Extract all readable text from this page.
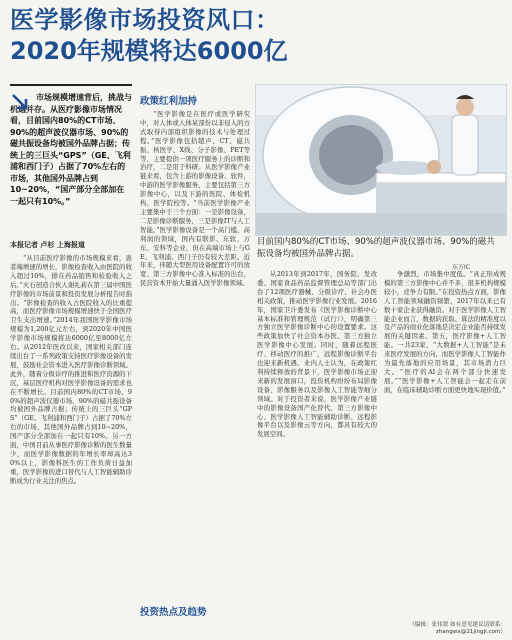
医学影像市场投资风口：
2020年规模将达6000亿
市场规模增速背后，挑战与机遇并存。从医疗影像市场情况看，目前国内80%的CT市场、90%的超声波仪器市场、90%的磁共振设备均被国外品牌占据；传统上的三巨头“GPS”（GE、飞利浦和西门子）占据了70%左右的市场，其他国外品牌占到10~20%，“国产部分全部加在一起只有10%。”
本报记者 卢杉 上海报道
政策红利加持
“从目前医疗影像的市场规模来看，患者端增速的增长，影像检查收入由医院的收入超过10%，排在药品销售和检验收入之后。”火石创造合伙人谢礼莉在第三届中国医疗影像的市场前景和投资发展分析报告时指出。“影像检查的收入占医院收入的比重提高，而医疗影像市场规模增速快于全国医疗卫生支出增速。”2014年我国医学影像市场规模为1,200亿元左右，到2020年中国医学影像市场规模将达6000亿至8000亿左右。从2012年医改以来，国家相关部门连续出台了一系列政策支持医疗影像设备的发展，鼓励社会资本进入医疗影像诊断领域。此外，随着分级诊疗的推进和医疗资源的下沉，基层医疗机构对医学影像设备的需求也在不断增长。目前国内80%的CT市场、90%的超声波仪器市场、90%的磁共振设备均被国外品牌占据；传统上的三巨头“GPS”（GE、飞利浦和西门子）占据了70%左右的市场，其他国外品牌占到10~20%，国产部分全部加在一起只有10%。另一方面，中国目前从事医疗影像诊断的医生数量少，而医学影像数据的年增长率却高达30%以上，影像科医生的工作负荷日益加重，医学影像的进口替代与人工智能辅助诊断成为行业关注的焦点。
“医学影像是在医疗或医学研究中，对人体或人体某部份以非侵入的方式取得内部组织影像的技术与处理过程。”医学影像包括超声、CT、磁共振、核医学、X线、分子影像、PET等等，主要提供一项医疗服务上的诊断和治疗，二是用于科研。从医学影像产业链来看，包含上游的影像设备、软件，中游的医学影像服务，主要包括第三方影像中心，以及下游的医院、体检机构、医学院校等。“当前医学影像产业主要集中于三个方面：一是影像设备，二是影像诊断服务，三是影像IT与人工智能。”医学影像设备是一个高门槛、高利润的领域，国内有联影、东软、万东、安科等企业，但在高端市场上与GE、飞利浦、西门子仍有较大差距。近年来，伴随大型医用设备配置许可的放宽、第三方影像中心准入标准的出台，民营资本开始大量涌入医学影像领域。
投资热点及趋势
目前国内80%的CT市场、90%的超声波仪器市场、90%的磁共振设备均被国外品牌占据。
东方IC
从2013年到2017年，国务院、发改委、国家食品药品监督管理总局等部门出台了12项医疗器械、分级诊疗、社会办医相关政策，推动医学影像行业发展。2016年，国家卫计委发布《医学影像诊断中心基本标准和管理规范（试行）》，明确第三方独立医学影像诊断中心的设置要求。这些政策加快了社会资本办医、第三方独立医学影像中心发展。同时，随着远程医疗、移动医疗的推广，远程影像诊断平台也迎来新机遇。业内人士认为，在政策红利持续释放的背景下，医学影像市场正迎来新的发展窗口，投资机构纷纷布局影像设备、影像服务以及影像人工智能等细分领域。对于投资者来说，医学影像产业链中的影像设备国产化替代、第三方影像中心、医学影像人工智能辅助诊断、远程影像平台以及影像云等方向，都具有较大的发展空间。
争激烈，市场集中度低。“真正形成规模的第三方影像中心并不多，很多机构规模较小，竞争力有限。”在投资热点方面，影像人工智能领域融资频繁，2017年以来已有数十家企业获得融资。对于医学影像人工智能企业而言，数据的获取、算法的精准度以及产品的商业化落地是决定企业能否持续发展的关键因素。第五，医疗影像+人工智能。一共23家，“大数据+人工智能”是未来医疗发展的方向，而医学影像人工智能作为最先落地的应用场景，其市场潜力巨大。“医疗的AI会在两个部分快速发展。”“医学影像+人工智能会一起走在前面，在临床辅助诊断方面更快地实现价值。”
（编辑：张伟贤 如有意见建议请联系：zhangwx@21jingji.com）
